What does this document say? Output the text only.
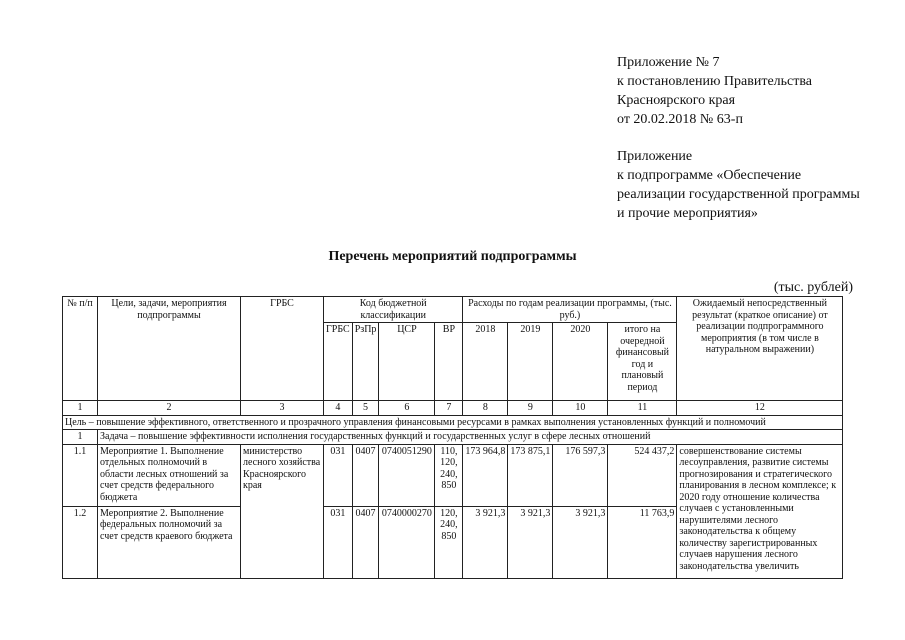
Приложение № 7
к постановлению Правительства
Красноярского края
от 20.02.2018 № 63-п
Приложение
к подпрограмме «Обеспечение
реализации государственной программы
и прочие мероприятия»
Перечень мероприятий подпрограммы
(тыс. рублей)
№ п/п	Цели, задачи, мероприятия подпрограммы	ГРБС	Код бюджетной классификации				Расходы по годам реализации программы, (тыс. руб.)				Ожидаемый непосредственный результат (краткое описание) от реализации подпрограммного мероприятия (в том числе в натуральном выражении)
			ГРБС	РзПр	ЦСР	ВР	2018	2019	2020	итого на очередной финансовый год и плановый период	
1	2	3	4	5	6	7	8	9	10	11	12
Цель – повышение эффективного, ответственного и прозрачного управления финансовыми ресурсами в рамках выполнения установленных функций и полномочий											
1	Задача – повышение эффективности исполнения государственных функций и государственных услуг в сфере лесных отношений										
1.1	Мероприятие 1. Выполнение отдельных полномочий в области лесных отношений за счет средств федерального бюджета	министерство лесного хозяйства Красноярского края	031	0407	0740051290	110, 120, 240, 850	173 964,8	173 875,1	176 597,3	524 437,2	совершенствование системы лесоуправления, развитие системы прогнозирования и стратегического планирования в лесном комплексе; к 2020 году отношение количества случаев с установленными нарушителями лесного законодательства к общему количеству зарегистрированных случаев нарушения лесного законодательства увеличить
1.2	Мероприятие 2. Выполнение федеральных полномочий за счет средств краевого бюджета		031	0407	0740000270	120, 240, 850	3 921,3	3 921,3	3 921,3	11 763,9	
